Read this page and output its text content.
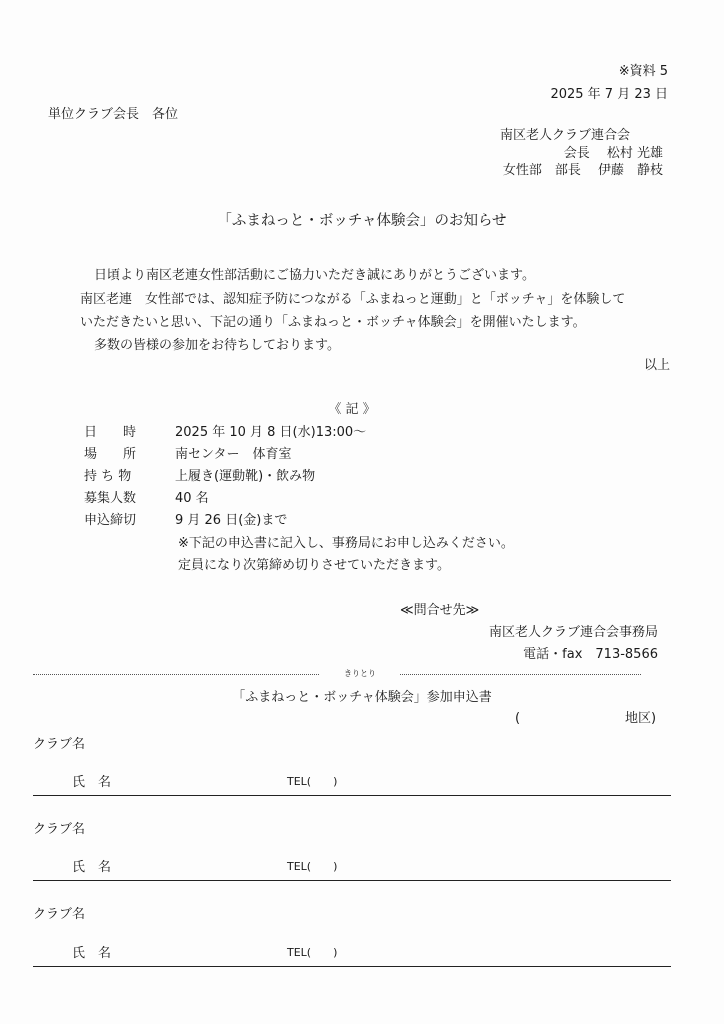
※資料 5
2025 年 7 月 23 日
単位クラブ会長　各位
南区老人クラブ連合会
会長　 松村 光雄
女性部　部長　 伊藤　静枝
「ふまねっと・ボッチャ体験会」のお知らせ
日頃より南区老連女性部活動にご協力いただき誠にありがとうございます。
南区老連　女性部では、認知症予防につながる「ふまねっと運動」と「ボッチャ」を体験して
いただきたいと思い、下記の通り「ふまねっと・ボッチャ体験会」を開催いたします。
多数の皆様の参加をお待ちしております。
以上
《 記 》
日　　時	2025 年 10 月 8 日(水)13:00～
場　　所	南センター　体育室
持 ち 物	上履き(運動靴)・飲み物
募集人数	40 名
申込締切	9 月 26 日(金)まで
※下記の申込書に記入し、事務局にお申し込みください。
定員になり次第締め切りさせていただきます。
≪問合せ先≫
南区老人クラブ連合会事務局
電話・fax　713-8566
きりとり
「ふまねっと・ボッチャ体験会」参加申込書
(	地区)
クラブ名
氏　名	TEL(　　)
クラブ名
氏　名	TEL(　　)
クラブ名
氏　名	TEL(　　)
